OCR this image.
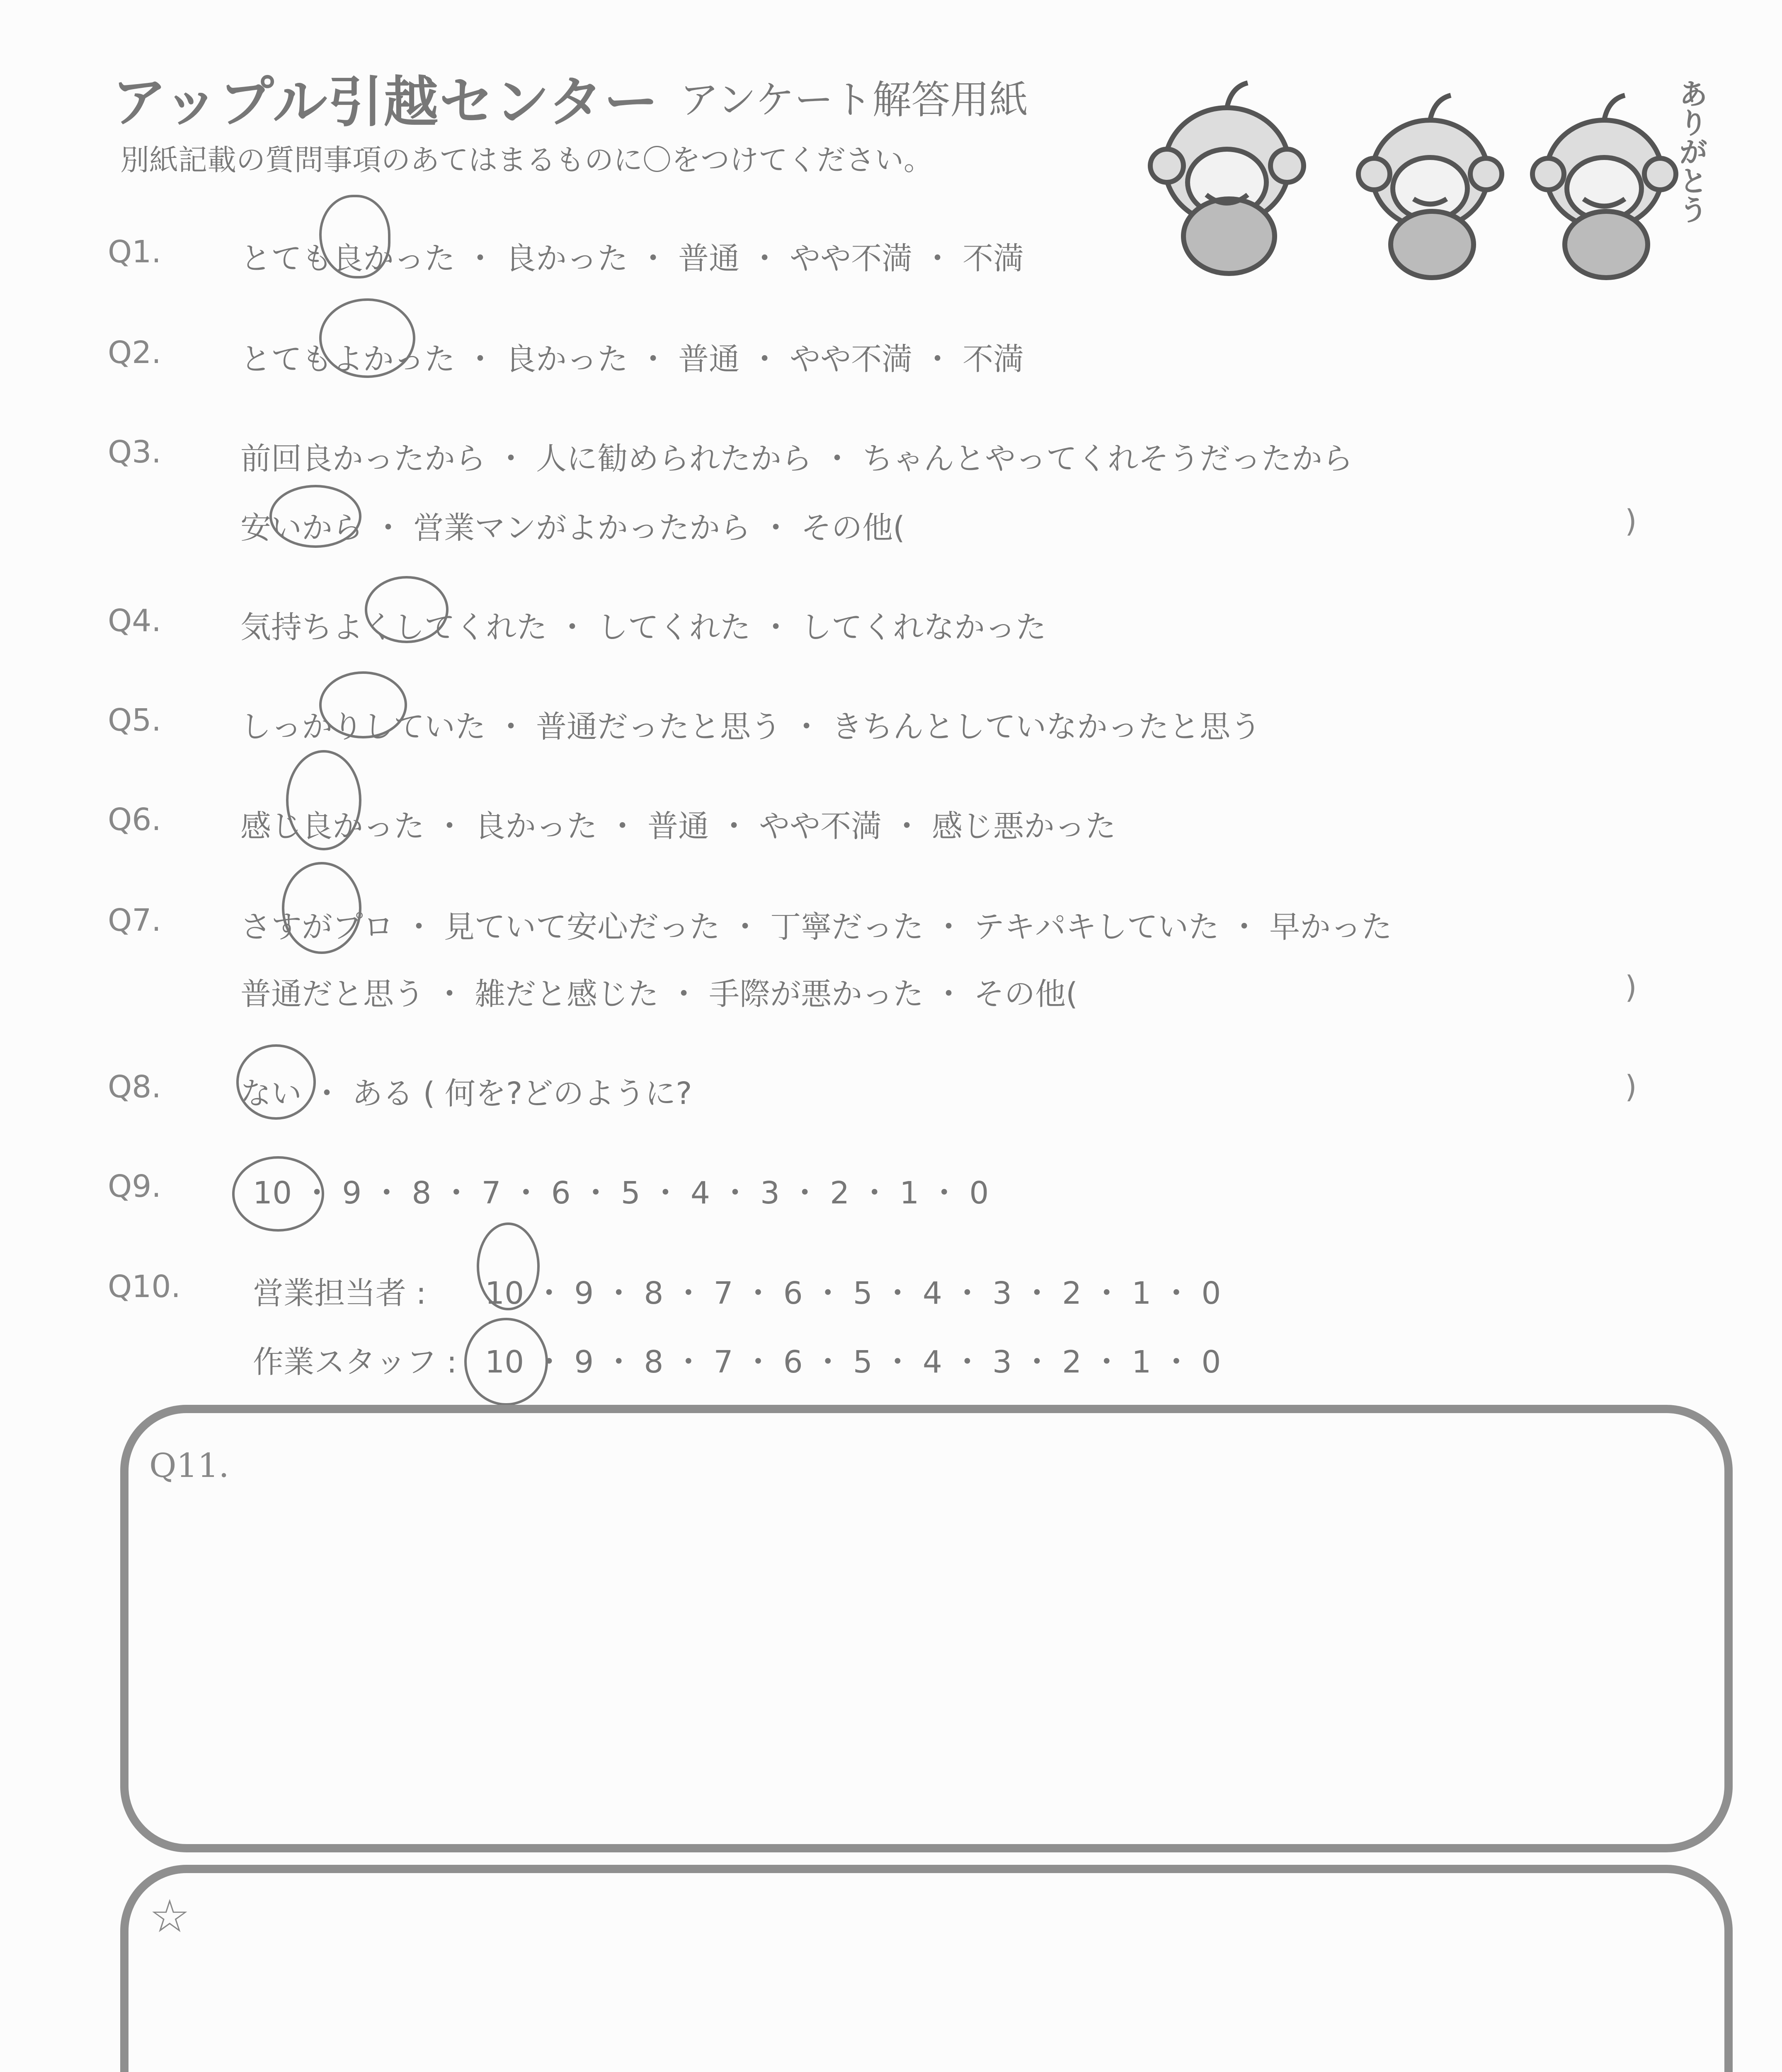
アップル引越センター アンケート解答用紙
別紙記載の質問事項のあてはまるものに〇をつけてください。	ありがとう
Q1.	とても良かった ・ 良かった ・ 普通 ・ やや不満 ・ 不満
Q2.	とてもよかった ・ 良かった ・ 普通 ・ やや不満 ・ 不満
Q3.	前回良かったから ・ 人に勧められたから ・ ちゃんとやってくれそうだったから
安いから ・ 営業マンがよかったから ・ その他(	)
Q4.	気持ちよくしてくれた ・ してくれた ・ してくれなかった
Q5.	しっかりしていた ・ 普通だったと思う ・ きちんとしていなかったと思う
Q6.	感じ良かった ・ 良かった ・ 普通 ・ やや不満 ・ 感じ悪かった
Q7.	さすがプロ ・ 見ていて安心だった ・ 丁寧だった ・ テキパキしていた ・ 早かった
普通だと思う ・ 雑だと感じた ・ 手際が悪かった ・ その他(	)
Q8.	ない ・ ある ( 何を?どのように?	)
Q9.	10 ・ 9 ・ 8 ・ 7 ・ 6 ・ 5 ・ 4 ・ 3 ・ 2 ・ 1 ・ 0
Q10. 営業担当者 : 10 ・ 9 ・ 8 ・ 7 ・ 6 ・ 5 ・ 4 ・ 3 ・ 2 ・ 1 ・ 0
作業スタッフ : 10 ・ 9 ・ 8 ・ 7 ・ 6 ・ 5 ・ 4 ・ 3 ・ 2 ・ 1 ・ 0
Q11.
☆
